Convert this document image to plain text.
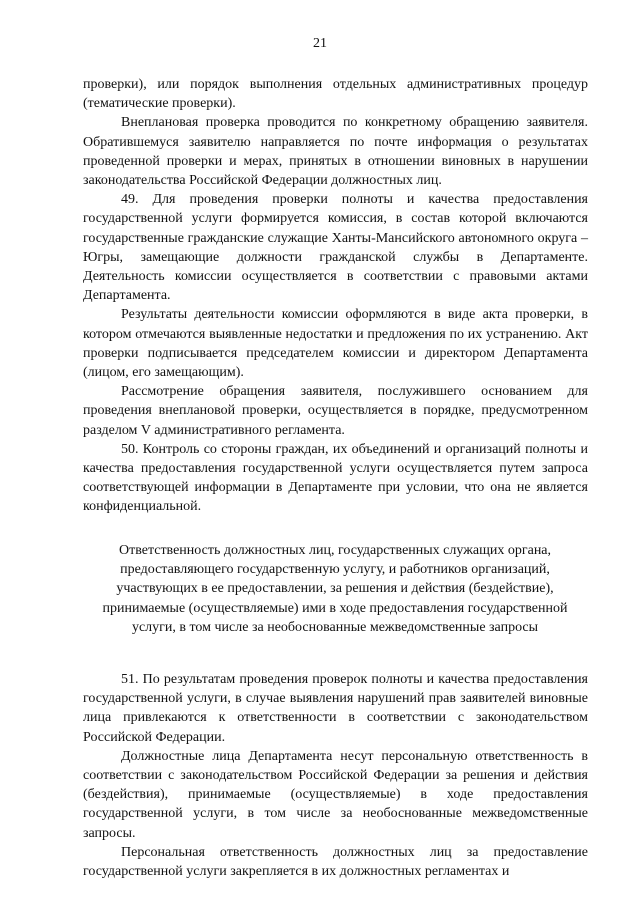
21

проверки), или порядок выполнения отдельных административных процедур (тематические проверки).

Внеплановая проверка проводится по конкретному обращению заявителя. Обратившемуся заявителю направляется по почте информация о результатах проведенной проверки и мерах, принятых в отношении виновных в нарушении законодательства Российской Федерации должностных лиц.

49. Для проведения проверки полноты и качества предоставления государственной услуги формируется комиссия, в состав которой включаются государственные гражданские служащие Ханты-Мансийского автономного округа – Югры, замещающие должности гражданской службы в Департаменте. Деятельность комиссии осуществляется в соответствии с правовыми актами Департамента.

Результаты деятельности комиссии оформляются в виде акта проверки, в котором отмечаются выявленные недостатки и предложения по их устранению. Акт проверки подписывается председателем комиссии и директором Департамента (лицом, его замещающим).

Рассмотрение обращения заявителя, послужившего основанием для проведения внеплановой проверки, осуществляется в порядке, предусмотренном разделом V административного регламента.

50. Контроль со стороны граждан, их объединений и организаций полноты и качества предоставления государственной услуги осуществляется путем запроса соответствующей информации в Департаменте при условии, что она не является конфиденциальной.

Ответственность должностных лиц, государственных служащих органа, предоставляющего государственную услугу, и работников организаций, участвующих в ее предоставлении, за решения и действия (бездействие), принимаемые (осуществляемые) ими в ходе предоставления государственной услуги, в том числе за необоснованные межведомственные запросы

51. По результатам проведения проверок полноты и качества предоставления государственной услуги, в случае выявления нарушений прав заявителей виновные лица привлекаются к ответственности в соответствии с законодательством Российской Федерации.

Должностные лица Департамента несут персональную ответственность в соответствии с законодательством Российской Федерации за решения и действия (бездействия), принимаемые (осуществляемые) в ходе предоставления государственной услуги, в том числе за необоснованные межведомственные запросы.

Персональная ответственность должностных лиц за предоставление государственной услуги закрепляется в их должностных регламентах и
